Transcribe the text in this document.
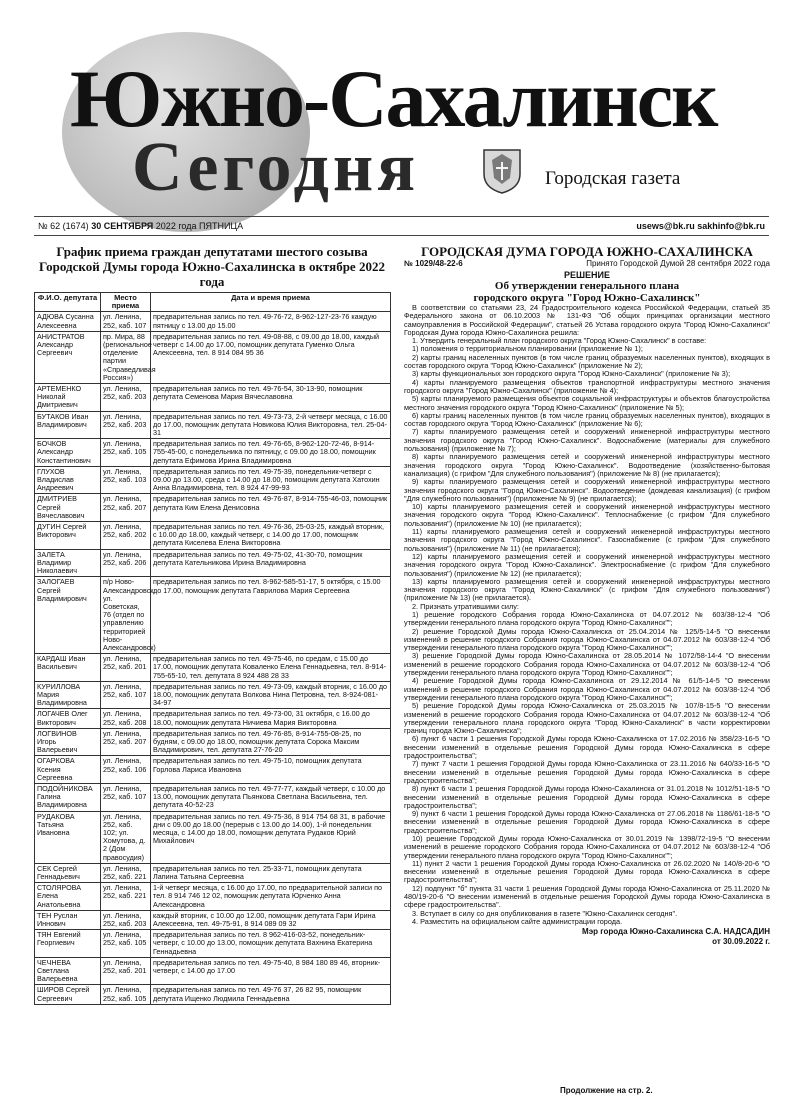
Южно-Сахалинск
Сегодня	Городская газета
№ 62 (1674) 30 СЕНТЯБРЯ 2022 года ПЯТНИЦА	usews@bk.ru sakhinfo@bk.ru
График приема граждан депутатами шестого созыва
Городской Думы города Южно-Сахалинска в октябре 2022 года
Ф.И.О. депутата	Место приема	Дата и время приема
АДЮВА Сусанна Алексеевна	ул. Ленина, 252, каб. 107	предварительная запись по тел. 49-76-72, 8-962-127-23-76 каждую пятницу с 13.00 до 15.00
АНИСТРАТОВ Александр Сергеевич	пр. Мира, 88 (региональное отделение партии «Справедливая Россия»)	предварительная запись по тел. 49-08-88, с 09.00 до 18.00, каждый четверг с 14.00 до 17.00, помощник депутата Гуменко Ольга Алексеевна, тел. 8 914 084 95 36
АРТЕМЕНКО Николай Дмитриевич	ул. Ленина, 252, каб. 203	предварительная запись по тел. 49-76-54, 30-13-90, помощник депутата Семенова Мария Вячеславовна
БУТАКОВ Иван Владимирович	ул. Ленина, 252, каб. 203	предварительная запись по тел. 49-73-73, 2-й четверг месяца, с 16.00 до 17.00, помощник депутата Новикова Юлия Викторовна, тел. 25-04-31
БОЧКОВ Александр Константинович	ул. Ленина, 252, каб. 105	предварительная запись по тел. 49-76-65, 8-962-120-72-46, 8-914-755-45-00, с понедельника по пятницу, с 09.00 до 18.00, помощник депутата Ефимова Ирина Владимировна
ГЛУХОВ Владислав Андреевич	ул. Ленина, 252, каб. 103	предварительная запись по тел. 49-75-39, понедельник-четверг с 09.00 до 13.00, среда с 14.00 до 18.00, помощник депутата Хатохин Анна Владимировна, тел. 8 924 47-99-93
ДМИТРИЕВ Сергей Вячеславович	ул. Ленина, 252, каб. 207	предварительная запись по тел. 49-76-87, 8-914-755-46-03, помощник депутата Ким Елена Денисовна
ДУГИН Сергей Викторович	ул. Ленина, 252, каб. 202	предварительная запись по тел. 49-76-36, 25-03-25, каждый вторник, с 10.00 до 18.00, каждый четверг, с 14.00 до 17.00, помощник депутата Киселева Елена Викторовна
ЗАЛЕТА Владимир Николаевич	ул. Ленина, 252, каб. 206	предварительная запись по тел. 49-75-02, 41-30-70, помощник депутата Кательникова Ирина Владимировна
ЗАЛОГАЕВ Сергей Владимирович	п/р Ново-Александровск, ул. Советская, 76 (отдел по управлению территорией Ново-Александровск)	предварительная запись по тел. 8-962-585-51-17, 5 октября, с 15.00 до 17.00, помощник депутата Гаврилова Мария Сергеевна
КАРДАШ Иван Васильевич	ул. Ленина, 252, каб. 201	предварительная запись по тел. 49-75-46, по средам, с 15.00 до 17.00, помощник депутата Коваленко Елена Геннадьевна, тел. 8-914-755-65-10, тел. депутата 8 924 488 28 33
КУРИЛЛОВА Мария Владимировна	ул. Ленина, 252, каб. 107	предварительная запись по тел. 49-73-09, каждый вторник, с 16.00 до 18.00, помощник депутата Волкова Нина Петровна, тел. 8-924-081-34-97
ЛОГАЧЕВ Олег Викторович	ул. Ленина, 252, каб. 208	предварительная запись по тел. 49-73-00, 31 октября, с 16.00 до 18.00, помощник депутата Ничиева Мария Викторовна
ЛОГВИНОВ Игорь Валерьевич	ул. Ленина, 252, каб. 207	предварительная запись по тел. 49-76-85, 8-914-755-08-25, по будням, с 09.00 до 18.00, помощник депутата Сорока Максим Владимирович, тел. депутата 27-76-20
ОГАРКОВА Ксения Сергеевна	ул. Ленина, 252, каб. 106	предварительная запись по тел. 49-75-10, помощник депутата Горлова Лариса Ивановна
ПОДОЙНИКОВА Галина Владимировна	ул. Ленина, 252, каб. 107	предварительная запись по тел. 49-77-77, каждый четверг, с 10.00 до 13.00, помощник депутата Пьянкова Светлана Васильевна, тел. депутата 40-52-23
РУДАКОВА Татьяна Ивановна	ул. Ленина, 252, каб. 102; ул. Хомутова, д. 2 (Дом правосудия)	предварительная запись по тел. 49-75-36, 8 914 754 68 31, в рабочие дни с 09.00 до 18.00 (перерыв с 13.00 до 14.00), 1-й понедельник месяца, с 14.00 до 18.00, помощник депутата Рудаков Юрий Михайлович
СЕК Сергей Геннадьевич	ул. Ленина, 252, каб. 221	предварительная запись по тел. 25-33-71, помощник депутата Лапина Татьяна Сергеевна
СТОЛЯРОВА Елена Анатольевна	ул. Ленина, 252, каб. 221	1-й четверг месяца, с 16.00 до 17.00, по предварительной записи по тел. 8 914 746 12 02, помощник депутата Юрченко Анна Александровна
ТЕН Руслан Иннович	ул. Ленина, 252, каб. 203	каждый вторник, с 10.00 до 12.00, помощник депутата Гарм Ирина Алексеевна, тел. 49-75-91, 8 914 089 09 32
ТЯН Евгений Георгиевич	ул. Ленина, 252, каб. 105	предварительная запись по тел. 8 962-416-03-52, понедельник-четверг, с 10.00 до 13.00, помощник депутата Вахнина Екатерина Геннадьевна
ЧЕЧНЕВА Светлана Валерьевна	ул. Ленина, 252, каб. 201	предварительная запись по тел. 49-75-40, 8 984 180 89 46, вторник-четверг, с 14.00 до 17.00
ШИРОВ Сергей Сергеевич	ул. Ленина, 252, каб. 105	предварительная запись по тел. 49-76 37, 26 82 95, помощник депутата Ищенко Людмила Геннадьевна
ГОРОДСКАЯ ДУМА ГОРОДА ЮЖНО-САХАЛИНСКА
№ 1029/48-22-6	Принято Городской Думой 28 сентября 2022 года
РЕШЕНИЕ
Об утверждении генерального плана
городского округа "Город Южно-Сахалинск"

В соответствии со статьями 23, 24 Градостроительного кодекса Российской Федерации, статьей 35 Федерального закона от 06.10.2003 № 131-ФЗ "Об общих принципах организации местного самоуправления в Российской Федерации", статьей 26 Устава городского округа "Город Южно-Сахалинск" Городская Дума города Южно-Сахалинска решила:

1. Утвердить генеральный план городского округа "Город Южно-Сахалинск" в составе:

1) положения о территориальном планировании (приложение № 1);

2) карты границ населенных пунктов (в том числе границ образуемых населенных пунктов), входящих в состав городского округа "Город Южно-Сахалинск" (приложение № 2);

3) карты функциональных зон городского округа "Город Южно-Сахалинск" (приложение № 3);

4) карты планируемого размещения объектов транспортной инфраструктуры местного значения городского округа "Город Южно-Сахалинск" (приложение № 4);

5) карты планируемого размещения объектов социальной инфраструктуры и объектов благоустройства местного значения городского округа "Город Южно-Сахалинск" (приложение № 5);

6) карты границ населенных пунктов (в том числе границ образуемых населенных пунктов), входящих в состав городского округа "Город Южно-Сахалинск" (приложение № 6);

7) карты планируемого размещения сетей и сооружений инженерной инфраструктуры местного значения городского округа "Город Южно-Сахалинск". Водоснабжение (материалы для служебного пользования) (приложение № 7);

8) карты планируемого размещения сетей и сооружений инженерной инфраструктуры местного значения городского округа "Город Южно-Сахалинск". Водоотведение (хозяйственно-бытовая канализация) (с грифом "Для служебного пользования") (приложение № 8) (не прилагается);

9) карты планируемого размещения сетей и сооружений инженерной инфраструктуры местного значения городского округа "Город Южно-Сахалинск". Водоотведение (дождевая канализация) (с грифом "Для служебного пользования") (приложение № 9) (не прилагается);

10) карты планируемого размещения сетей и сооружений инженерной инфраструктуры местного значения городского округа "Город Южно-Сахалинск". Теплоснабжение (с грифом "Для служебного пользования") (приложение № 10) (не прилагается);

11) карты планируемого размещения сетей и сооружений инженерной инфраструктуры местного значения городского округа "Город Южно-Сахалинск". Газоснабжение (с грифом "Для служебного пользования") (приложение № 11) (не прилагается);

12) карты планируемого размещения сетей и сооружений инженерной инфраструктуры местного значения городского округа "Город Южно-Сахалинск". Электроснабжение (с грифом "Для служебного пользования") (приложение № 12) (не прилагается);

13) карты планируемого размещения сетей и сооружений инженерной инфраструктуры местного значения городского округа "Город Южно-Сахалинск" (с грифом "Для служебного пользования") (приложение № 13) (не прилагается).

2. Признать утратившими силу:

1) решение городского Собрания города Южно-Сахалинска от 04.07.2012 № 603/38-12-4 "Об утверждении генерального плана городского округа "Город Южно-Сахалинск"";

2) решение Городской Думы города Южно-Сахалинска от 25.04.2014 № 125/5-14-5 "О внесении изменений в решение городского Собрания города Южно-Сахалинска от 04.07.2012 № 603/38-12-4 "Об утверждении генерального плана городского округа "Город Южно-Сахалинск"";

3) решение Городской Думы города Южно-Сахалинска от 28.05.2014 № 1072/58-14-4 "О внесении изменений в решение городского Собрания города Южно-Сахалинска от 04.07.2012 № 603/38-12-4 "Об утверждении генерального плана городского округа "Город Южно-Сахалинск"";

4) решение Городской Думы города Южно-Сахалинска от 29.12.2014 № 61/5-14-5 "О внесении изменений в решение городского Собрания города Южно-Сахалинска от 04.07.2012 № 603/38-12-4 "Об утверждении генерального плана городского округа "Город Южно-Сахалинск"";

5) решение Городской Думы города Южно-Сахалинска от 25.03.2015 № 107/8-15-5 "О внесении изменений в решение городского Собрания города Южно-Сахалинска от 04.07.2012 № 603/38-12-4 "Об утверждении генерального плана городского округа "Город Южно-Сахалинск" в части корректировки границ города Южно-Сахалинска";

6) пункт 6 части 1 решения Городской Думы города Южно-Сахалинска от 17.02.2016 № 358/23-16-5 "О внесении изменений в отдельные решения Городской Думы города Южно-Сахалинска в сфере градостроительства";

7) пункт 7 части 1 решения Городской Думы города Южно-Сахалинска от 23.11.2016 № 640/33-16-5 "О внесении изменений в отдельные решения Городской Думы города Южно-Сахалинска в сфере градостроительства";

8) пункт 6 части 1 решения Городской Думы города Южно-Сахалинска от 31.01.2018 № 1012/51-18-5 "О внесении изменений в отдельные решения Городской Думы города Южно-Сахалинска в сфере градостроительства";

9) пункт 6 части 1 решения Городской Думы города Южно-Сахалинска от 27.06.2018 № 1186/61-18-5 "О внесении изменений в отдельные решения Городской Думы города Южно-Сахалинска в сфере градостроительства";

10) решение Городской Думы города Южно-Сахалинска от 30.01.2019 № 1398/72-19-5 "О внесении изменений в решение городского Собрания города Южно-Сахалинска от 04.07.2012 № 603/38-12-4 "Об утверждении генерального плана городского округа "Город Южно-Сахалинск"";

11) пункт 2 части 1 решения Городской Думы города Южно-Сахалинска от 26.02.2020 № 140/8-20-6 "О внесении изменений в отдельные решения Городской Думы города Южно-Сахалинска в сфере градостроительства";

12) подпункт "б" пункта 31 части 1 решения Городской Думы города Южно-Сахалинска от 25.11.2020 № 480/19-20-6 "О внесении изменений в отдельные решения Городской Думы города Южно-Сахалинска в сфере градостроительства".

3. Вступает в силу со дня опубликования в газете "Южно-Сахалинск сегодня".

4. Разместить на официальном сайте администрации города.

Мэр города Южно-Сахалинска С.А. НАДСАДИН
от 30.09.2022 г.
Продолжение на стр. 2.
